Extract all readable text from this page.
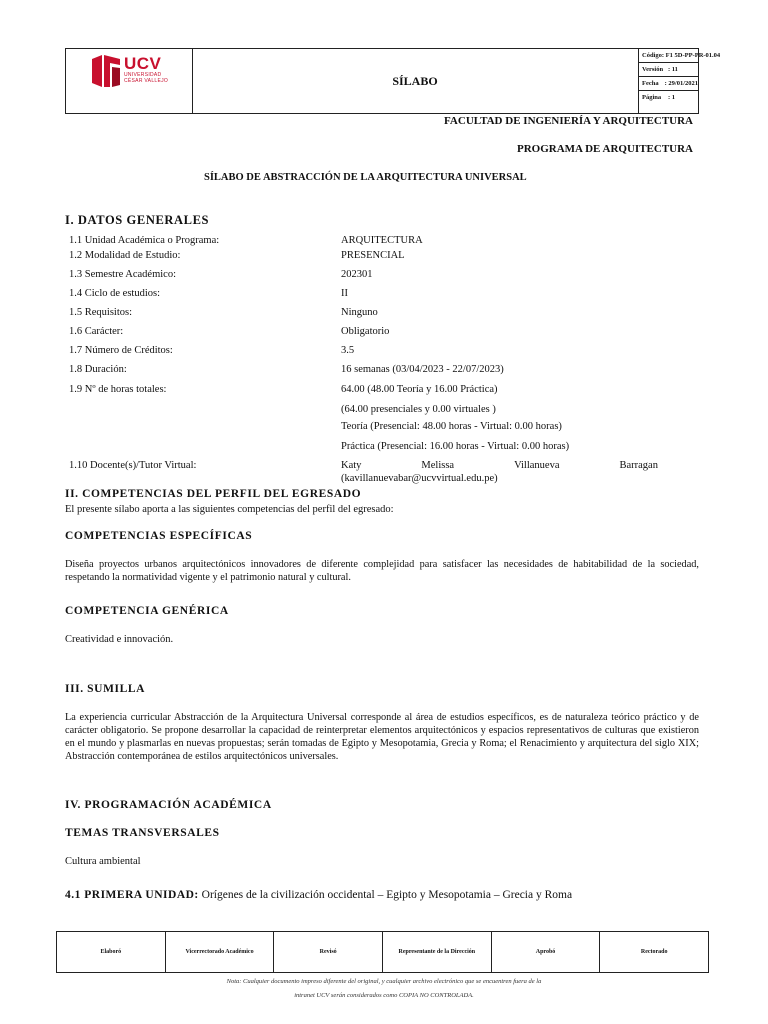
UCV
UNIVERSIDAD
CÉSAR VALLEJO	SÍLABO
Código : F1 5D-PP-PR-01.04
Versión : 11
Fecha : 29/01/2021
Página	: 1
FACULTAD DE INGENIERÍA Y ARQUITECTURA
PROGRAMA DE ARQUITECTURA
SÍLABO DE ABSTRACCIÓN DE LA ARQUITECTURA UNIVERSAL
I. DATOS GENERALES
1.1 Unidad Académica o Programa:	ARQUITECTURA
1.2 Modalidad de Estudio:	PRESENCIAL
1.3 Semestre Académico:	202301
1.4 Ciclo de estudios:	II
1.5 Requisitos:	Ninguno
1.6 Carácter:	Obligatorio
1.7 Número de Créditos:	3.5
1.8 Duración:	16 semanas (03/04/2023 - 22/07/2023)
1.9 Nº de horas totales:	64.00 (48.00 Teoría y 16.00 Práctica)
(64.00 presenciales y 0.00 virtuales )
Teoría (Presencial: 48.00 horas - Virtual: 0.00 horas)
Práctica (Presencial: 16.00 horas - Virtual: 0.00 horas)
1.10 Docente(s)/Tutor Virtual:	Katy	Melissa	Villanueva	Barragan
(kavillanuevabar@ucvvirtual.edu.pe)
II. COMPETENCIAS DEL PERFIL DEL EGRESADO
El presente sílabo aporta a las siguientes competencias del perfil del egresado:
COMPETENCIAS ESPECÍFICAS
Diseña proyectos urbanos arquitectónicos innovadores de diferente complejidad para satisfacer las necesidades de habitabilidad de la sociedad, respetando la normatividad vigente y el patrimonio natural y cultural.
COMPETENCIA GENÉRICA
Creatividad e innovación.
III. SUMILLA
La experiencia curricular Abstracción de la Arquitectura Universal corresponde al área de estudios específicos, es de naturaleza teórico práctico y de carácter obligatorio. Se propone desarrollar la capacidad de reinterpretar elementos arquitectónicos y espacios representativos de culturas que existieron en el mundo y plasmarlas en nuevas propuestas; serán tomadas de Egipto y Mesopotamia, Grecia y Roma; el Renacimiento y arquitectura del siglo XIX; Abstracción contemporánea de estilos arquitectónicos universales.
IV. PROGRAMACIÓN ACADÉMICA
TEMAS TRANSVERSALES
Cultura ambiental
4.1 PRIMERA UNIDAD: Orígenes de la civilización occidental – Egipto y Mesopotamia – Grecia y Roma
Elaboró	Vicerrectorado Académico	Revisó	Representante de la Dirección	Aprobó	Rectorado
Nota: Cualquier documento impreso diferente del original, y cualquier archivo electrónico que se encuentren fuera de la
intranet UCV serán considerados como COPIA NO CONTROLADA.
